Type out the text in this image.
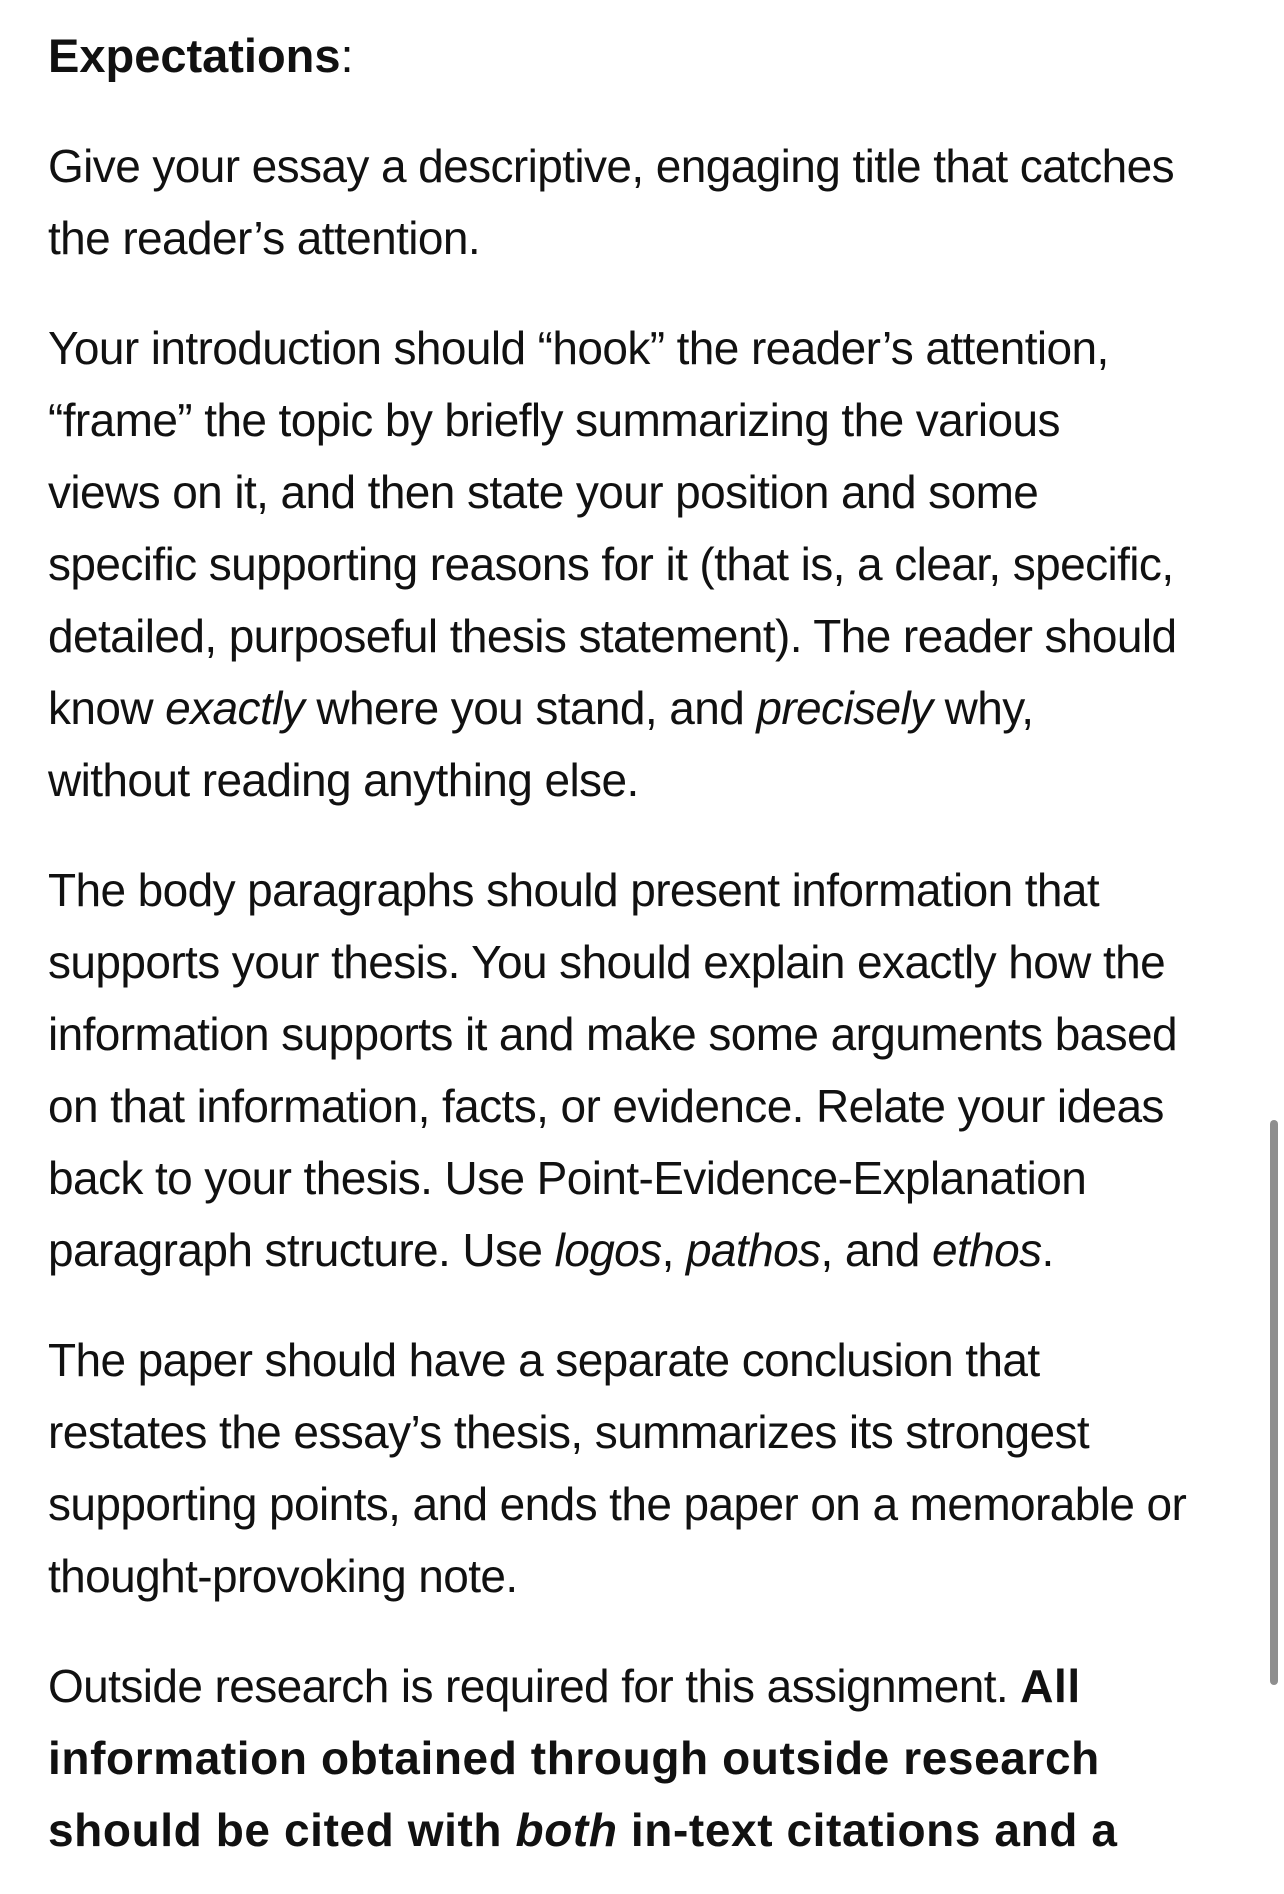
Expectations:

Give your essay a descriptive, engaging title that catches
the reader’s attention.

Your introduction should “hook” the reader’s attention,
“frame” the topic by briefly summarizing the various
views on it, and then state your position and some
specific supporting reasons for it (that is, a clear, specific,
detailed, purposeful thesis statement). The reader should
know exactly where you stand, and precisely why,
without reading anything else.

The body paragraphs should present information that
supports your thesis. You should explain exactly how the
information supports it and make some arguments based
on that information, facts, or evidence. Relate your ideas
back to your thesis. Use Point-Evidence-Explanation
paragraph structure. Use logos, pathos, and ethos.

The paper should have a separate conclusion that
restates the essay’s thesis, summarizes its strongest
supporting points, and ends the paper on a memorable or
thought-provoking note.

Outside research is required for this assignment. All
information obtained through outside research
should be cited with both in-text citations and a
